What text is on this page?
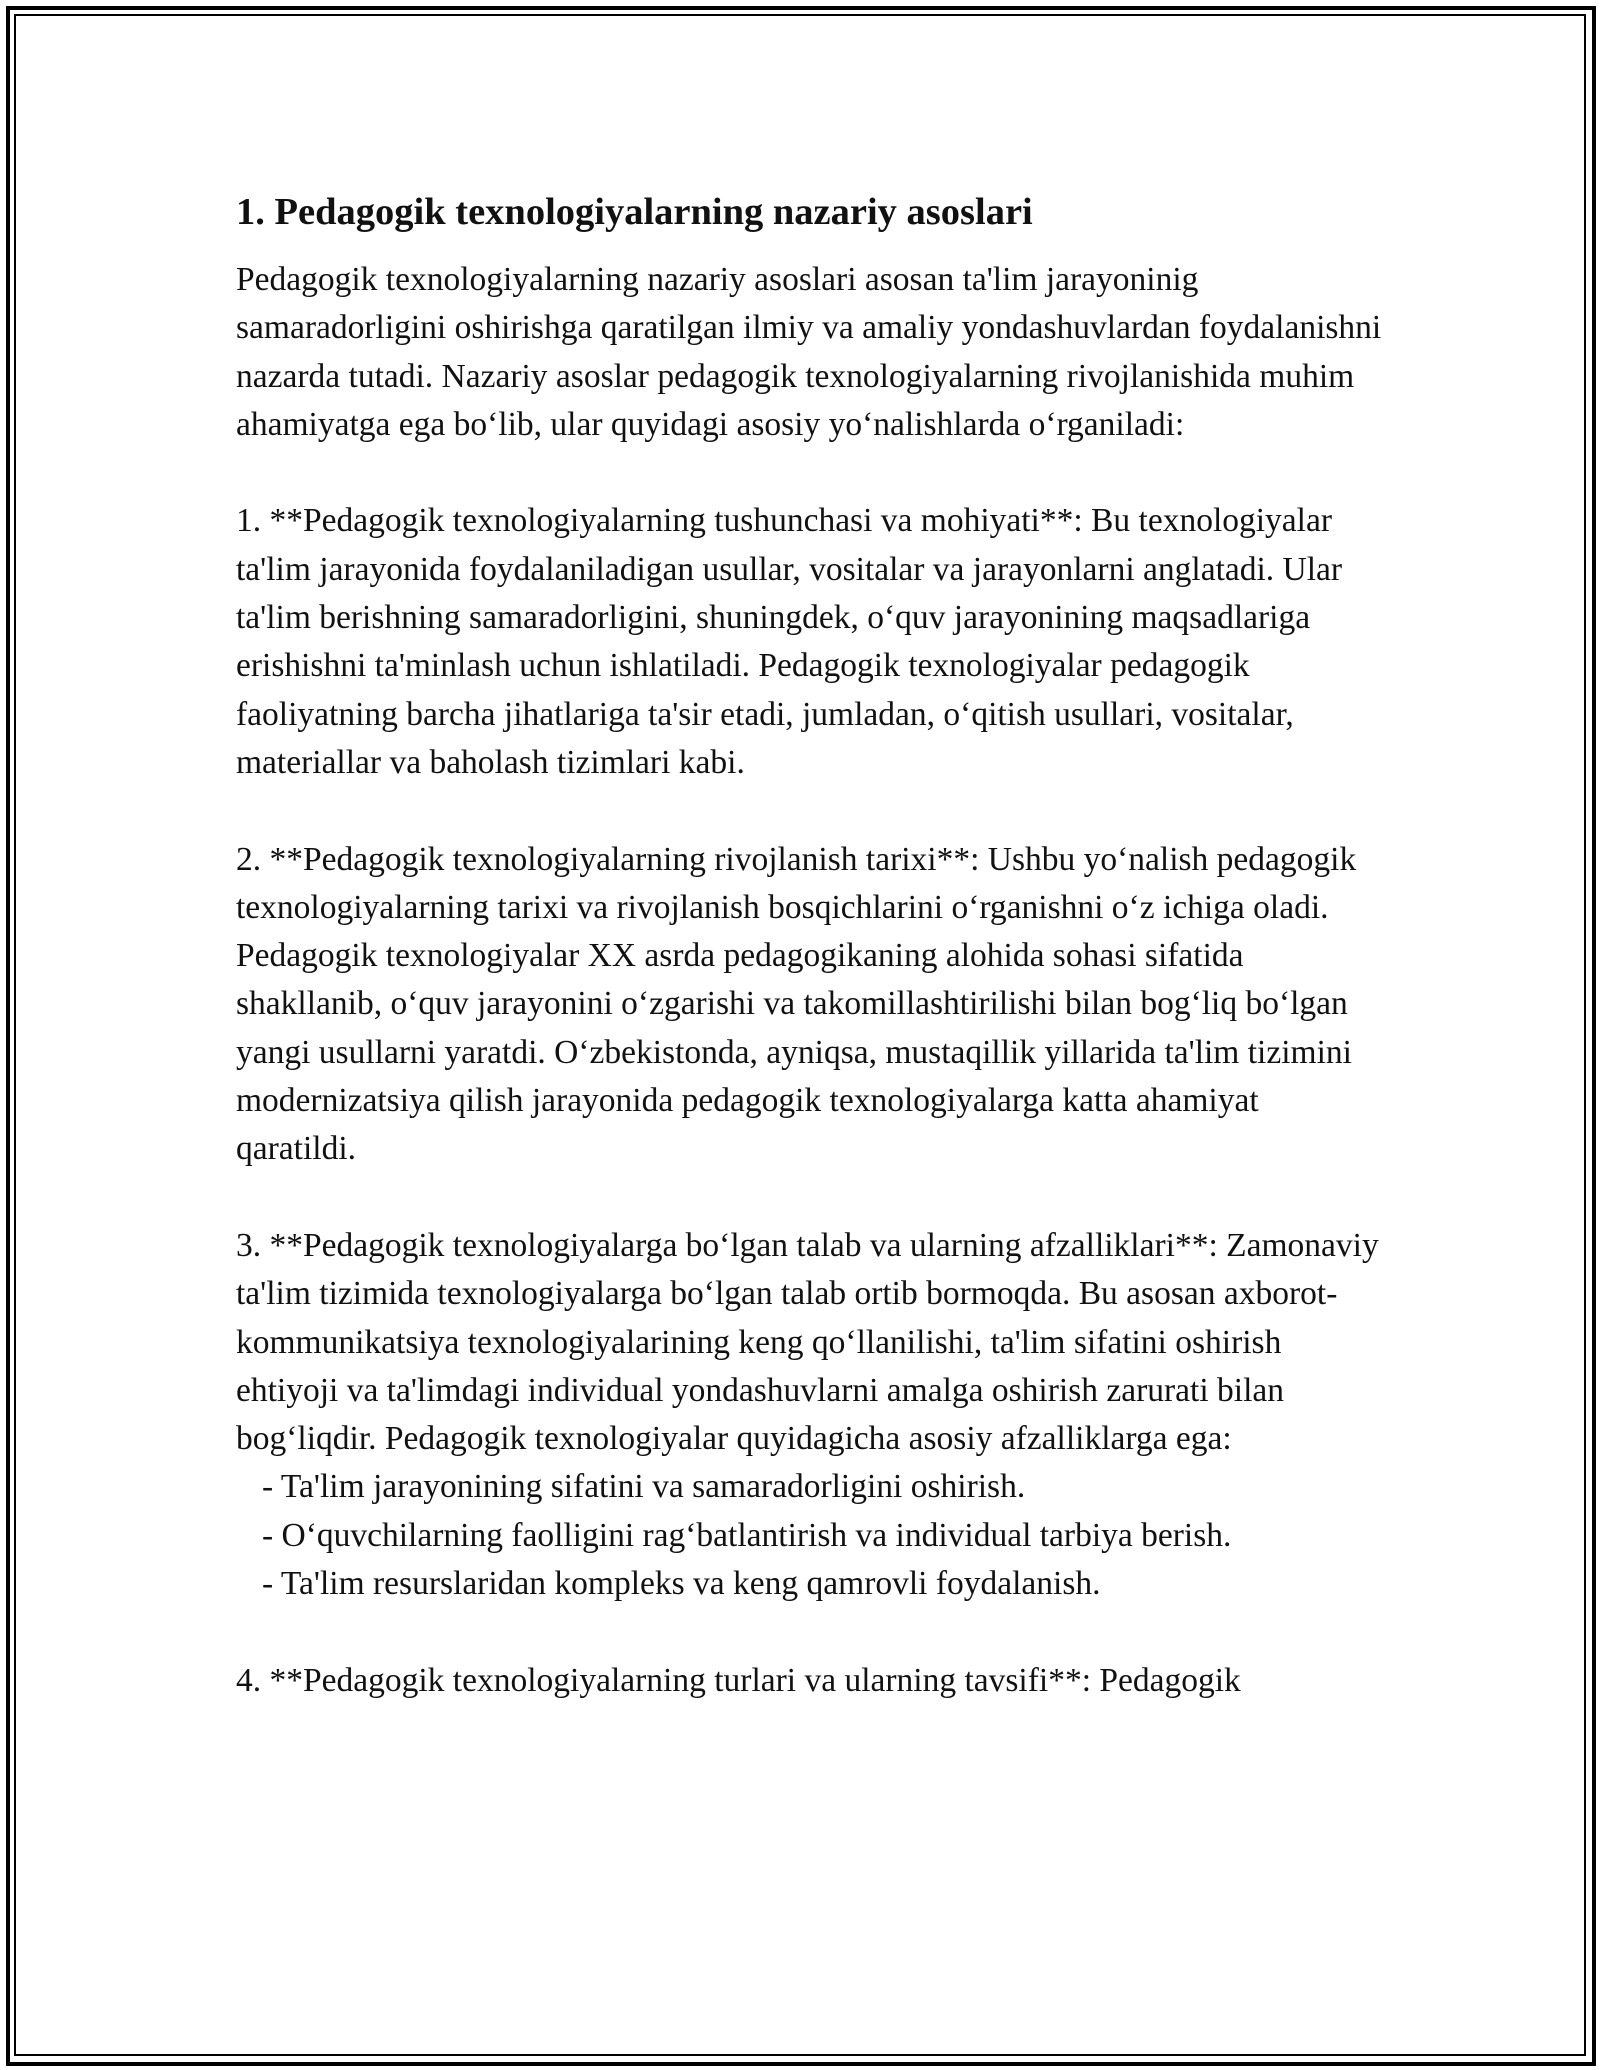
1. Pedagogik texnologiyalarning nazariy asoslari

Pedagogik texnologiyalarning nazariy asoslari asosan ta'lim jarayoninig samaradorligini oshirishga qaratilgan ilmiy va amaliy yondashuvlardan foydalanishni nazarda tutadi. Nazariy asoslar pedagogik texnologiyalarning rivojlanishida muhim ahamiyatga ega bo‘lib, ular quyidagi asosiy yo‘nalishlarda o‘rganiladi:

1. **Pedagogik texnologiyalarning tushunchasi va mohiyati**: Bu texnologiyalar ta'lim jarayonida foydalaniladigan usullar, vositalar va jarayonlarni anglatadi. Ular ta'lim berishning samaradorligini, shuningdek, o‘quv jarayonining maqsadlariga erishishni ta'minlash uchun ishlatiladi. Pedagogik texnologiyalar pedagogik faoliyatning barcha jihatlariga ta'sir etadi, jumladan, o‘qitish usullari, vositalar, materiallar va baholash tizimlari kabi.

2. **Pedagogik texnologiyalarning rivojlanish tarixi**: Ushbu yo‘nalish pedagogik texnologiyalarning tarixi va rivojlanish bosqichlarini o‘rganishni o‘z ichiga oladi. Pedagogik texnologiyalar XX asrda pedagogikaning alohida sohasi sifatida shakllanib, o‘quv jarayonini o‘zgarishi va takomillashtirilishi bilan bog‘liq bo‘lgan yangi usullarni yaratdi. O‘zbekistonda, ayniqsa, mustaqillik yillarida ta'lim tizimini modernizatsiya qilish jarayonida pedagogik texnologiyalarga katta ahamiyat qaratildi.

3. **Pedagogik texnologiyalarga bo‘lgan talab va ularning afzalliklari**: Zamonaviy ta'lim tizimida texnologiyalarga bo‘lgan talab ortib bormoqda. Bu asosan axborot-kommunikatsiya texnologiyalarining keng qo‘llanilishi, ta'lim sifatini oshirish ehtiyoji va ta'limdagi individual yondashuvlarni amalga oshirish zarurati bilan bog‘liqdir. Pedagogik texnologiyalar quyidagicha asosiy afzalliklarga ega:
- Ta'lim jarayonining sifatini va samaradorligini oshirish.
- O‘quvchilarning faolligini rag‘batlantirish va individual tarbiya berish.
- Ta'lim resurslaridan kompleks va keng qamrovli foydalanish.

4. **Pedagogik texnologiyalarning turlari va ularning tavsifi**: Pedagogik
